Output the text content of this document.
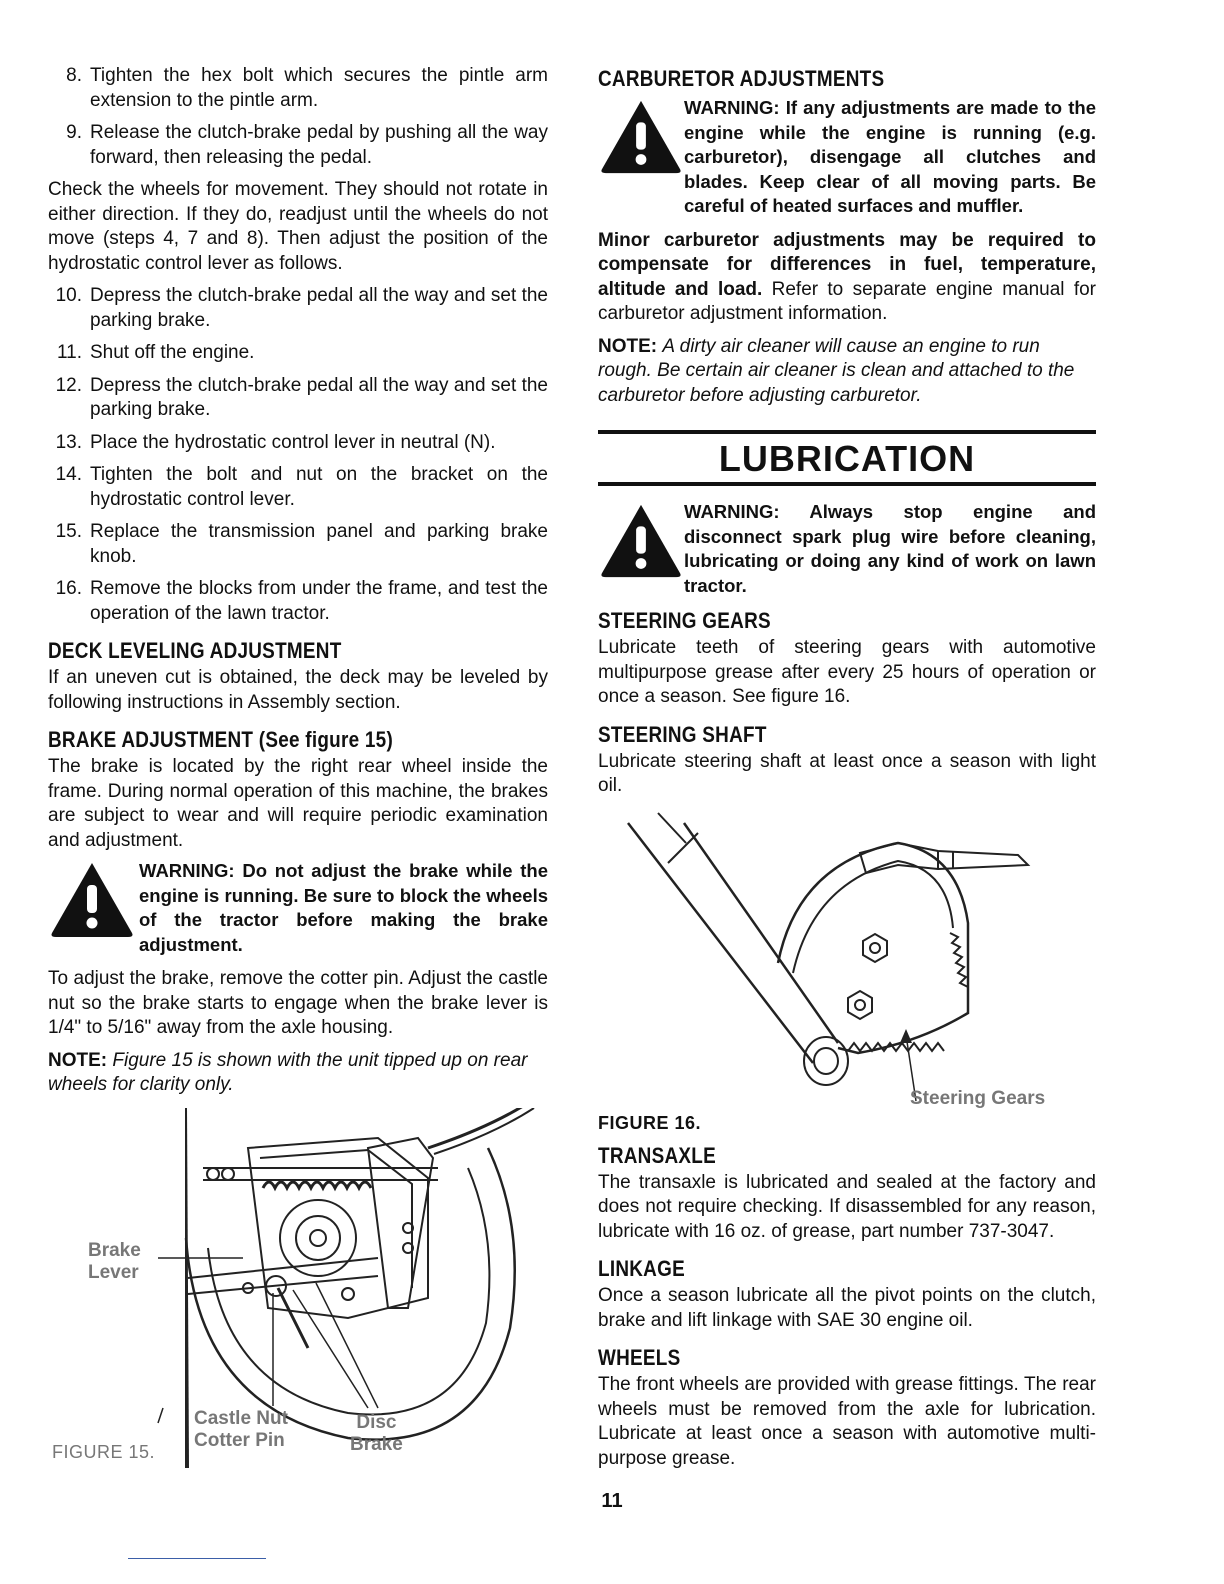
8. Tighten the hex bolt which secures the pintle arm extension to the pintle arm.
9. Release the clutch-brake pedal by pushing all the way forward, then releasing the pedal.

Check the wheels for movement. They should not rotate in either direction. If they do, readjust until the wheels do not move (steps 4, 7 and 8). Then adjust the position of the hydrostatic control lever as follows.

10. Depress the clutch-brake pedal all the way and set the parking brake.
11. Shut off the engine.
12. Depress the clutch-brake pedal all the way and set the parking brake.
13. Place the hydrostatic control lever in neutral (N).
14. Tighten the bolt and nut on the bracket on the hydrostatic control lever.
15. Replace the transmission panel and parking brake knob.
16. Remove the blocks from under the frame, and test the operation of the lawn tractor.
DECK LEVELING ADJUSTMENT

If an uneven cut is obtained, the deck may be leveled by following instructions in Assembly section.

BRAKE ADJUSTMENT (See figure 15)

The brake is located by the right rear wheel inside the frame. During normal operation of this machine, the brakes are subject to wear and will require periodic examination and adjustment.

WARNING: Do not adjust the brake while the engine is running. Be sure to block the wheels of the tractor before making the brake adjustment.

To adjust the brake, remove the cotter pin. Adjust the castle nut so the brake starts to engage when the brake lever is 1/4" to 5/16" away from the axle housing.

NOTE: Figure 15 is shown with the unit tipped up on rear wheels for clarity only.

Brake
Lever
Castle Nut
Cotter Pin
Disc
Brake
FIGURE 15.
CARBURETOR ADJUSTMENTS
WARNING: If any adjustments are made to the engine while the engine is running (e.g. carburetor), disengage all clutches and blades. Keep clear of all moving parts. Be careful of heated surfaces and muffler.

Minor carburetor adjustments may be required to compensate for differences in fuel, temperature, altitude and load. Refer to separate engine manual for carburetor adjustment information.

NOTE: A dirty air cleaner will cause an engine to run rough. Be certain air cleaner is clean and attached to the carburetor before adjusting carburetor.

LUBRICATION
WARNING: Always stop engine and disconnect spark plug wire before cleaning, lubricating or doing any kind of work on lawn tractor.
STEERING GEARS

Lubricate teeth of steering gears with automotive multipurpose grease after every 25 hours of operation or once a season. See figure 16.

STEERING SHAFT

Lubricate steering shaft at least once a season with light oil.

Steering Gears
FIGURE 16.
TRANSAXLE

The transaxle is lubricated and sealed at the factory and does not require checking. If disassembled for any reason, lubricate with 16 oz. of grease, part number 737-3047.

LINKAGE

Once a season lubricate all the pivot points on the clutch, brake and lift linkage with SAE 30 engine oil.

WHEELS

The front wheels are provided with grease fittings. The rear wheels must be removed from the axle for lubrication. Lubricate at least once a season with automotive multi-purpose grease.

11
